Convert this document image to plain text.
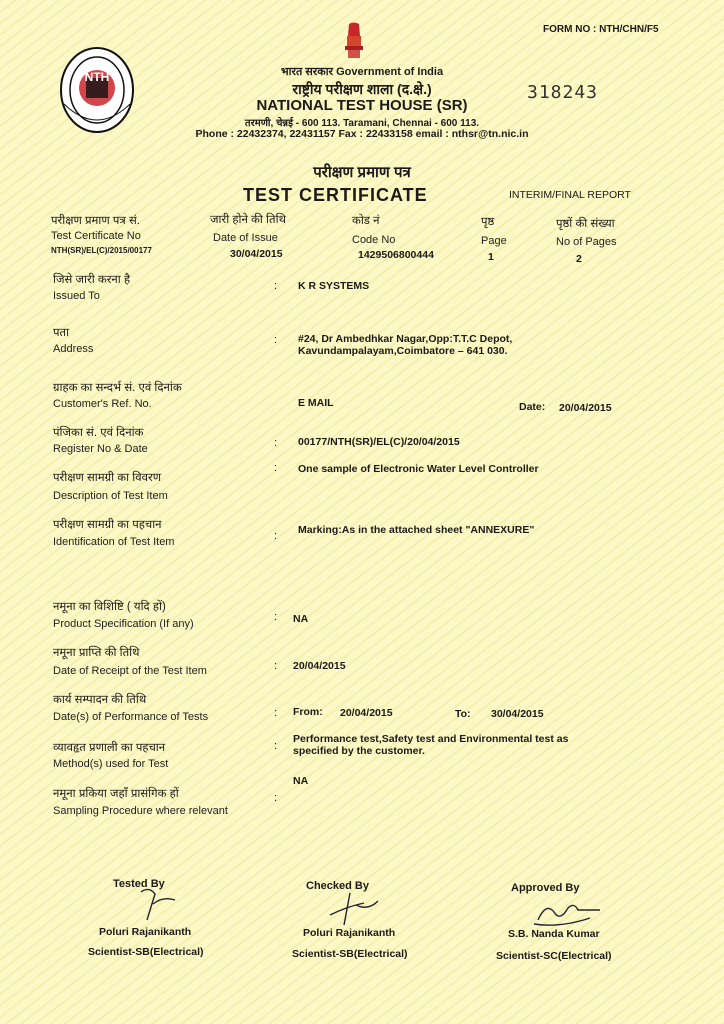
NTH
FORM NO : NTH/CHN/F5
318243
भारत सरकार Government of India
राष्ट्रीय परीक्षण शाला (द.क्षे.)
NATIONAL TEST HOUSE (SR)
तरमणी, चेन्नई - 600 113. Taramani, Chennai - 600 113.
Phone : 22432374, 22431157 Fax : 22433158 email : nthsr@tn.nic.in
परीक्षण प्रमाण पत्र
TEST CERTIFICATE	INTERIM/FINAL REPORT
परीक्षण प्रमाण पत्र सं.
Test Certificate No
NTH(SR)/EL(C)/2015/00177
जारी होने की तिथि
Date of Issue
30/04/2015
कोड नं
Code No
1429506800444
पृष्ठ
Page
1
पृष्ठों की संख्या
No of Pages
2
जिसे जारी करना है
Issued To
: K R SYSTEMS
पता
Address
: #24, Dr Ambedhkar Nagar,Opp:T.T.C Depot,
Kavundampalayam,Coimbatore – 641 030.
ग्राहक का सन्दर्भ सं. एवं दिनांक
Customer's Ref. No.	E MAIL	Date: 20/04/2015
पंजिका सं. एवं दिनांक
Register No & Date	: 00177/NTH(SR)/EL(C)/20/04/2015
परीक्षण सामग्री का विवरण
Description of Test Item
: One sample of Electronic Water Level Controller
परीक्षण सामग्री का पहचान
Identification of Test Item	: Marking:As in the attached sheet "ANNEXURE"
नमूना का विशिष्टि ( यदि हों)
Product Specification (If any)
: NA
नमूना प्राप्ति की तिथि
Date of Receipt of the Test Item	: 20/04/2015
कार्य सम्पादन की तिथि
Date(s) of Performance of Tests	: From: 20/04/2015	To: 30/04/2015
व्यावहृत प्रणाली का पहचान
Method(s) used for Test
:
Performance test,Safety test and Environmental test as
specified by the customer.
नमूना प्रकिया जहाँ प्रासंगिक हों
Sampling Procedure where relevant
:
NA
Tested By
Poluri Rajanikanth
Scientist-SB(Electrical)
Checked By
Poluri Rajanikanth
Scientist-SB(Electrical)
Approved By
S.B. Nanda Kumar
Scientist-SC(Electrical)
